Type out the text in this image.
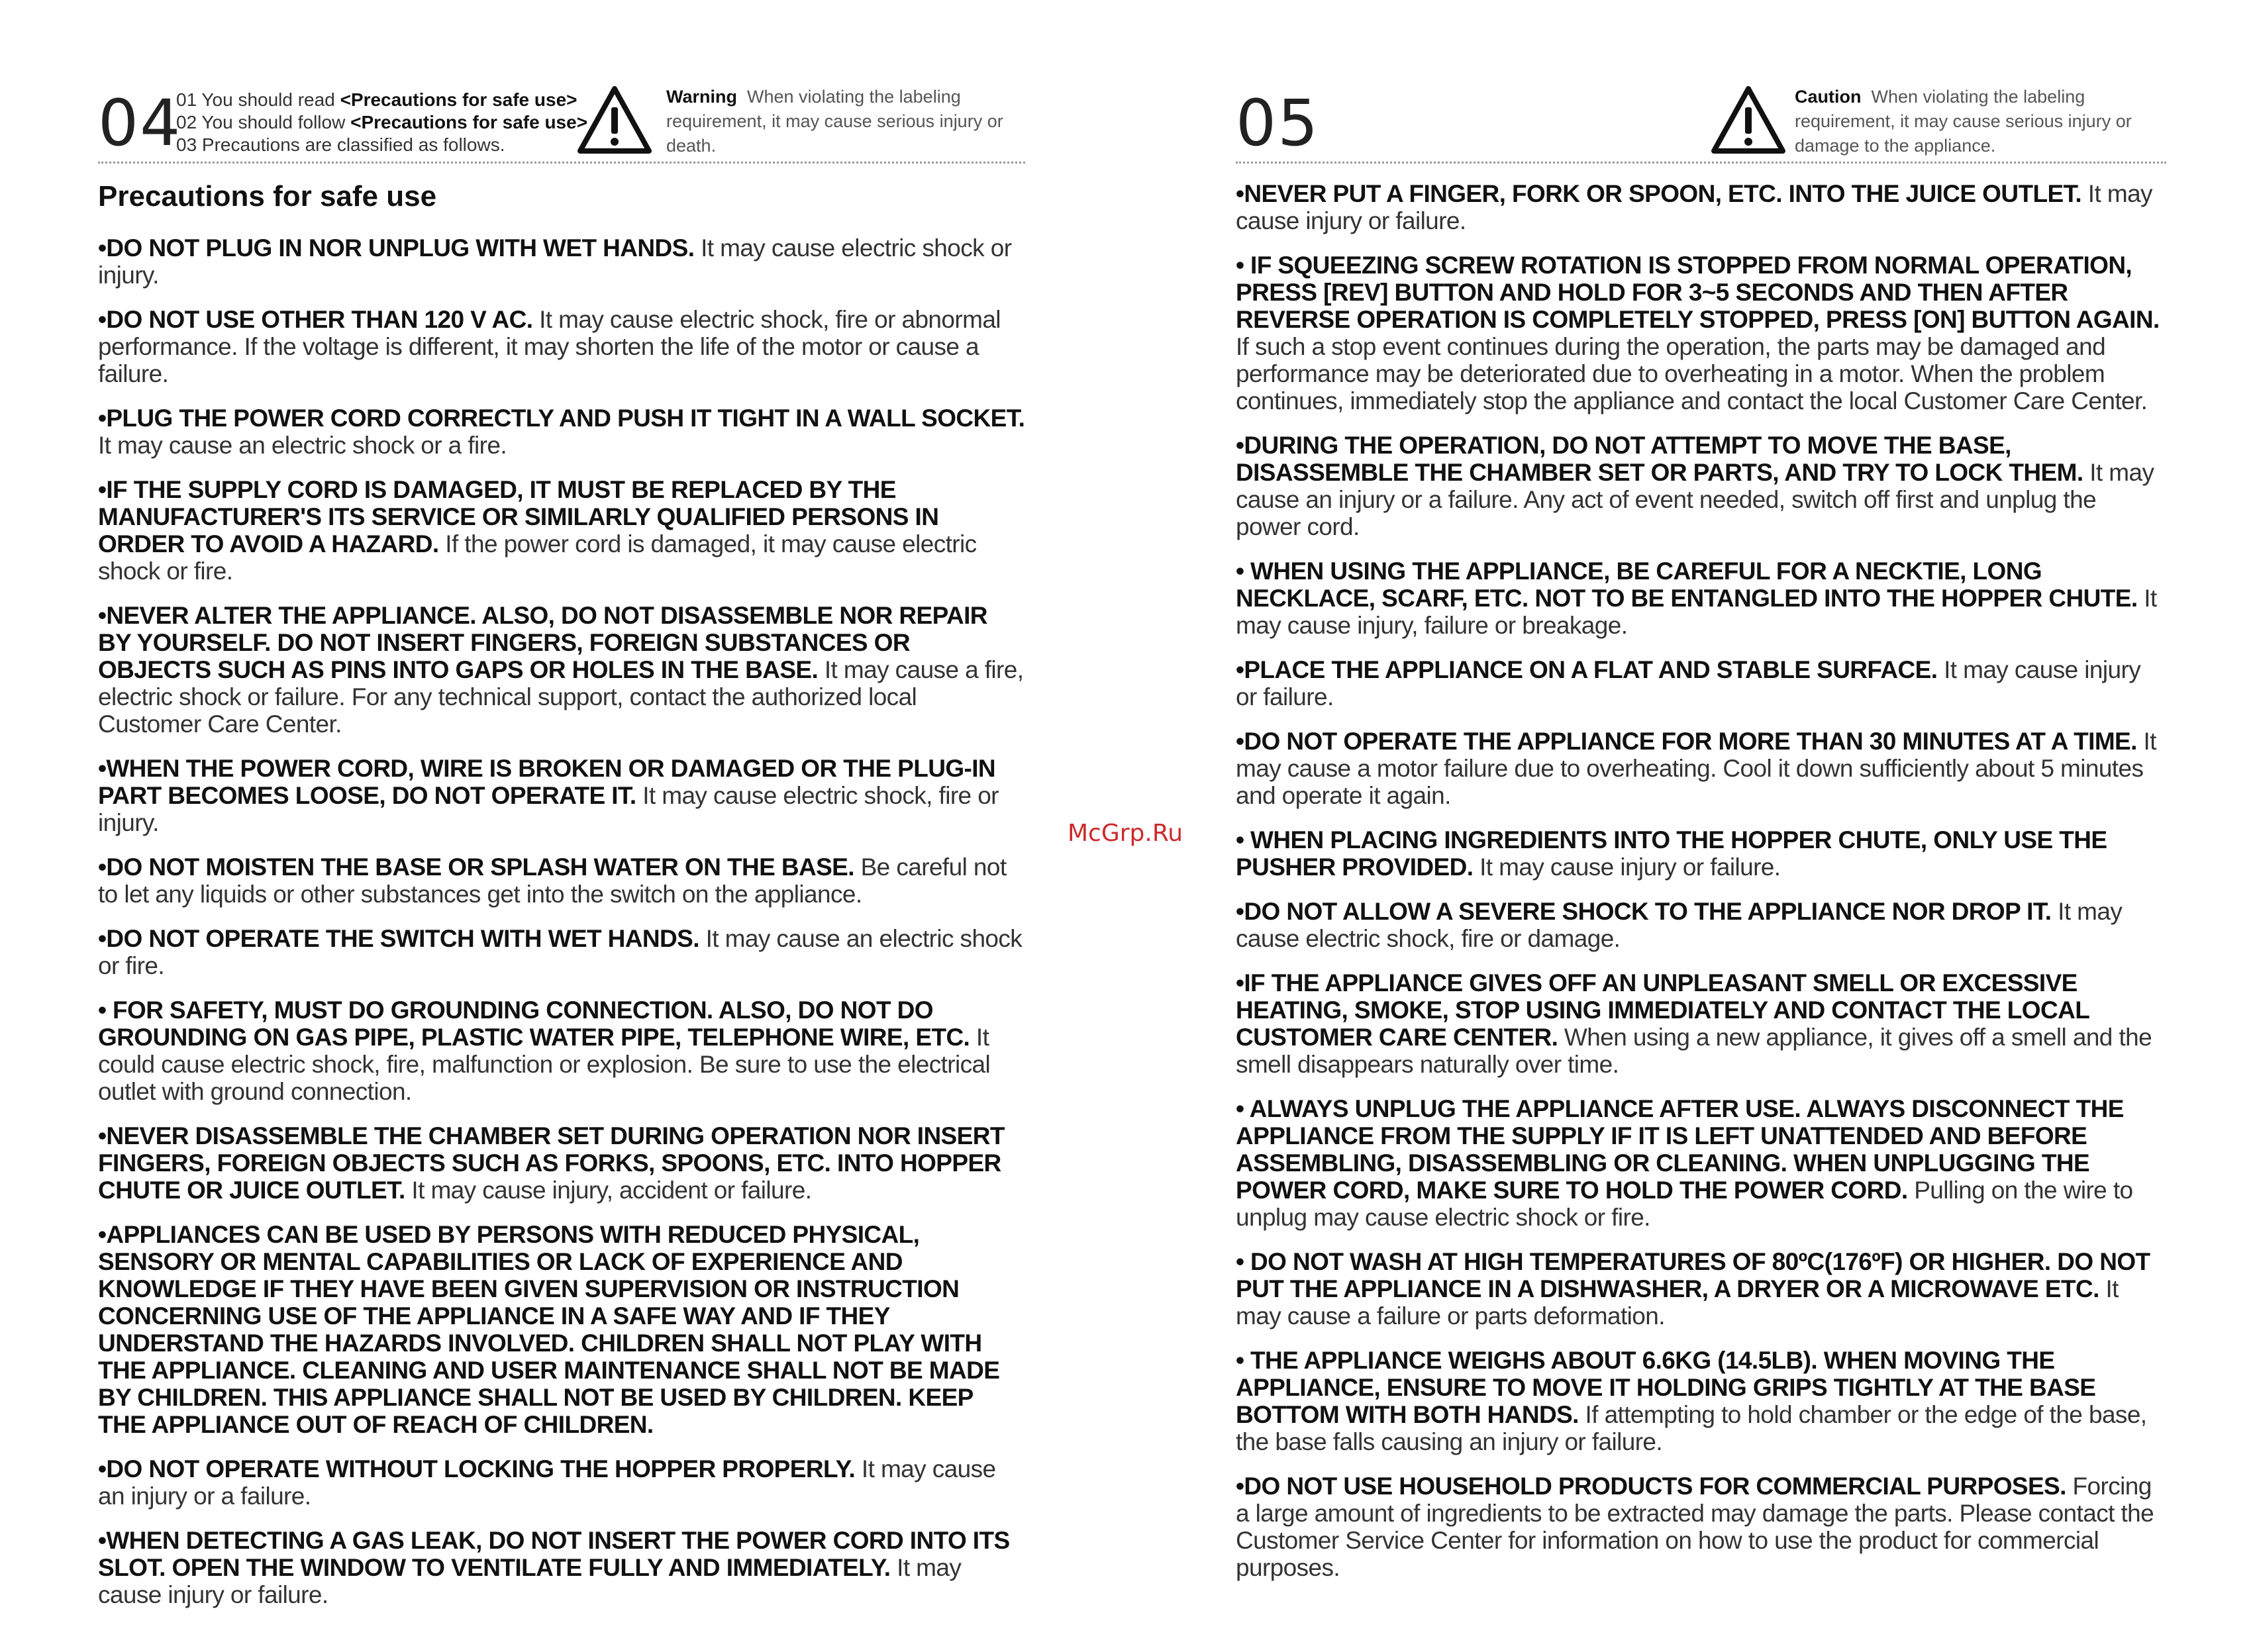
04
01 You should read <Precautions for safe use>
02 You should follow <Precautions for safe use>
03 Precautions are classified as follows.
Warning When violating the labeling requirement, it may cause serious injury or death.
Precautions for safe use

•DO NOT PLUG IN NOR UNPLUG WITH WET HANDS. It may cause electric shock or injury.

•DO NOT USE OTHER THAN 120 V AC. It may cause electric shock, fire or abnormal performance. If the voltage is different, it may shorten the life of the motor or cause a failure.

•PLUG THE POWER CORD CORRECTLY AND PUSH IT TIGHT IN A WALL SOCKET. It may cause an electric shock or a fire.

•IF THE SUPPLY CORD IS DAMAGED, IT MUST BE REPLACED BY THE MANUFACTURER'S ITS SERVICE OR SIMILARLY QUALIFIED PERSONS IN ORDER TO AVOID A HAZARD. If the power cord is damaged, it may cause electric shock or fire.

•NEVER ALTER THE APPLIANCE. ALSO, DO NOT DISASSEMBLE NOR REPAIR BY YOURSELF. DO NOT INSERT FINGERS, FOREIGN SUBSTANCES OR OBJECTS SUCH AS PINS INTO GAPS OR HOLES IN THE BASE. It may cause a fire, electric shock or failure. For any technical support, contact the authorized local Customer Care Center.

•WHEN THE POWER CORD, WIRE IS BROKEN OR DAMAGED OR THE PLUG-IN PART BECOMES LOOSE, DO NOT OPERATE IT. It may cause electric shock, fire or injury.

•DO NOT MOISTEN THE BASE OR SPLASH WATER ON THE BASE. Be careful not to let any liquids or other substances get into the switch on the appliance.

•DO NOT OPERATE THE SWITCH WITH WET HANDS. It may cause an electric shock or fire.

• FOR SAFETY, MUST DO GROUNDING CONNECTION. ALSO, DO NOT DO GROUNDING ON GAS PIPE, PLASTIC WATER PIPE, TELEPHONE WIRE, ETC. It could cause electric shock, fire, malfunction or explosion. Be sure to use the electrical outlet with ground connection.

•NEVER DISASSEMBLE THE CHAMBER SET DURING OPERATION NOR INSERT FINGERS, FOREIGN OBJECTS SUCH AS FORKS, SPOONS, ETC. INTO HOPPER CHUTE OR JUICE OUTLET. It may cause injury, accident or failure.

•APPLIANCES CAN BE USED BY PERSONS WITH REDUCED PHYSICAL, SENSORY OR MENTAL CAPABILITIES OR LACK OF EXPERIENCE AND KNOWLEDGE IF THEY HAVE BEEN GIVEN SUPERVISION OR INSTRUCTION CONCERNING USE OF THE APPLIANCE IN A SAFE WAY AND IF THEY UNDERSTAND THE HAZARDS INVOLVED. CHILDREN SHALL NOT PLAY WITH THE APPLIANCE. CLEANING AND USER MAINTENANCE SHALL NOT BE MADE BY CHILDREN. THIS APPLIANCE SHALL NOT BE USED BY CHILDREN. KEEP THE APPLIANCE OUT OF REACH OF CHILDREN.

•DO NOT OPERATE WITHOUT LOCKING THE HOPPER PROPERLY. It may cause an injury or a failure.

•WHEN DETECTING A GAS LEAK, DO NOT INSERT THE POWER CORD INTO ITS SLOT. OPEN THE WINDOW TO VENTILATE FULLY AND IMMEDIATELY. It may cause injury or failure.

05	Caution When violating the labeling requirement, it may cause serious injury or damage to the appliance.

•NEVER PUT A FINGER, FORK OR SPOON, ETC. INTO THE JUICE OUTLET. It may cause injury or failure.

• IF SQUEEZING SCREW ROTATION IS STOPPED FROM NORMAL OPERATION, PRESS [REV] BUTTON AND HOLD FOR 3~5 SECONDS AND THEN AFTER REVERSE OPERATION IS COMPLETELY STOPPED, PRESS [ON] BUTTON AGAIN. If such a stop event continues during the operation, the parts may be damaged and performance may be deteriorated due to overheating in a motor. When the problem continues, immediately stop the appliance and contact the local Customer Care Center.

•DURING THE OPERATION, DO NOT ATTEMPT TO MOVE THE BASE, DISASSEMBLE THE CHAMBER SET OR PARTS, AND TRY TO LOCK THEM. It may cause an injury or a failure. Any act of event needed, switch off first and unplug the power cord.

• WHEN USING THE APPLIANCE, BE CAREFUL FOR A NECKTIE, LONG NECKLACE, SCARF, ETC. NOT TO BE ENTANGLED INTO THE HOPPER CHUTE. It may cause injury, failure or breakage.

•PLACE THE APPLIANCE ON A FLAT AND STABLE SURFACE. It may cause injury or failure.

•DO NOT OPERATE THE APPLIANCE FOR MORE THAN 30 MINUTES AT A TIME. It may cause a motor failure due to overheating. Cool it down sufficiently about 5 minutes and operate it again.

• WHEN PLACING INGREDIENTS INTO THE HOPPER CHUTE, ONLY USE THE PUSHER PROVIDED. It may cause injury or failure.

•DO NOT ALLOW A SEVERE SHOCK TO THE APPLIANCE NOR DROP IT. It may cause electric shock, fire or damage.

•IF THE APPLIANCE GIVES OFF AN UNPLEASANT SMELL OR EXCESSIVE HEATING, SMOKE, STOP USING IMMEDIATELY AND CONTACT THE LOCAL CUSTOMER CARE CENTER. When using a new appliance, it gives off a smell and the smell disappears naturally over time.

• ALWAYS UNPLUG THE APPLIANCE AFTER USE. ALWAYS DISCONNECT THE APPLIANCE FROM THE SUPPLY IF IT IS LEFT UNATTENDED AND BEFORE ASSEMBLING, DISASSEMBLING OR CLEANING. WHEN UNPLUGGING THE POWER CORD, MAKE SURE TO HOLD THE POWER CORD. Pulling on the wire to unplug may cause electric shock or fire.

• DO NOT WASH AT HIGH TEMPERATURES OF 80ºC(176ºF) OR HIGHER. DO NOT PUT THE APPLIANCE IN A DISHWASHER, A DRYER OR A MICROWAVE ETC. It may cause a failure or parts deformation.

• THE APPLIANCE WEIGHS ABOUT 6.6KG (14.5LB). WHEN MOVING THE APPLIANCE, ENSURE TO MOVE IT HOLDING GRIPS TIGHTLY AT THE BASE BOTTOM WITH BOTH HANDS. If attempting to hold chamber or the edge of the base, the base falls causing an injury or failure.

•DO NOT USE HOUSEHOLD PRODUCTS FOR COMMERCIAL PURPOSES. Forcing a large amount of ingredients to be extracted may damage the parts. Please contact the Customer Service Center for information on how to use the product for commercial purposes.

McGrp.Ru
